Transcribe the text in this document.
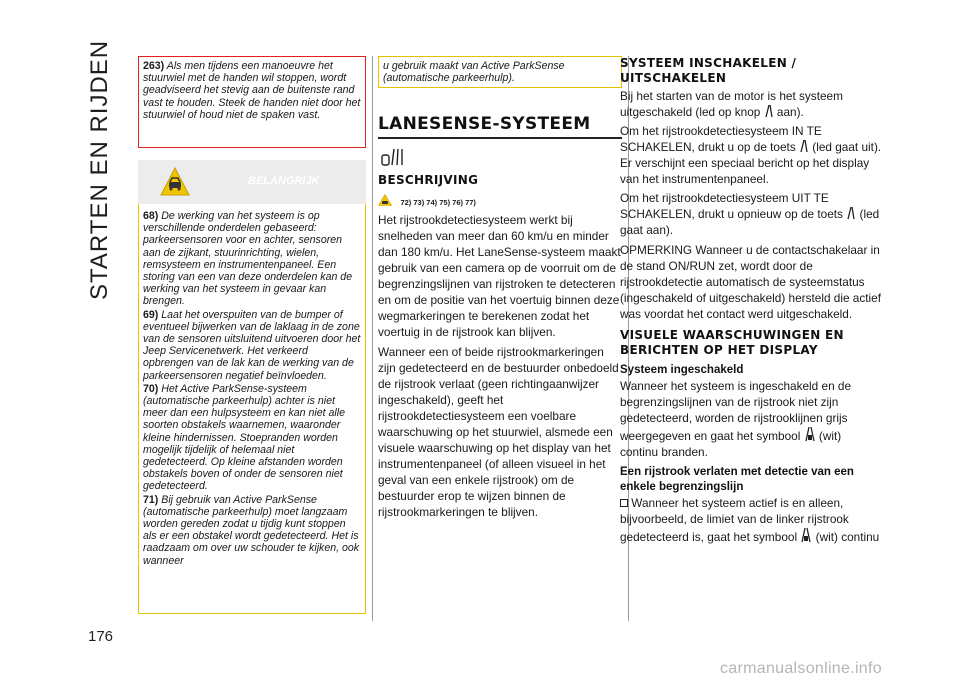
STARTEN EN RIJDEN
176
carmanualsonline.info

263) Als men tijdens een manoeuvre het stuurwiel met de handen wil stoppen, wordt geadviseerd het stevig aan de buitenste rand vast te houden. Steek de handen niet door het stuurwiel of houd niet de spaken vast.

BELANGRIJK

68) De werking van het systeem is op verschillende onderdelen gebaseerd: parkeersensoren voor en achter, sensoren aan de zijkant, stuurinrichting, wielen, remsysteem en instrumentenpaneel. Een storing van een van deze onderdelen kan de werking van het systeem in gevaar kan brengen.

69) Laat het overspuiten van de bumper of eventueel bijwerken van de laklaag in de zone van de sensoren uitsluitend uitvoeren door het Jeep Servicenetwerk. Het verkeerd opbrengen van de lak kan de werking van de parkeersensoren negatief beïnvloeden.

70) Het Active ParkSense-systeem (automatische parkeerhulp) achter is niet meer dan een hulpsysteem en kan niet alle soorten obstakels waarnemen, waaronder kleine hindernissen. Stoepranden worden mogelijk tijdelijk of helemaal niet gedetecteerd. Op kleine afstanden worden obstakels boven of onder de sensoren niet gedetecteerd.

71) Bij gebruik van Active ParkSense (automatische parkeerhulp) moet langzaam worden gereden zodat u tijdig kunt stoppen als er een obstakel wordt gedetecteerd. Het is raadzaam om over uw schouder te kijken, ook wanneer

u gebruik maakt van Active ParkSense (automatische parkeerhulp).

LANESENSE-SYSTEEM
BESCHRIJVING
72) 73) 74) 75) 76) 77)

Het rijstrookdetectiesysteem werkt bij snelheden van meer dan 60 km/u en minder dan 180 km/u. Het LaneSense-systeem maakt gebruik van een camera op de voorruit om de begrenzingslijnen van rijstroken te detecteren en om de positie van het voertuig binnen deze wegmarkeringen te berekenen zodat het voertuig in de rijstrook kan blijven.

Wanneer een of beide rijstrookmarkeringen zijn gedetecteerd en de bestuurder onbedoeld de rijstrook verlaat (geen richtingaanwijzer ingeschakeld), geeft het rijstrookdetectiesysteem een voelbare waarschuwing op het stuurwiel, alsmede een visuele waarschuwing op het display van het instrumentenpaneel (of alleen visueel in het geval van een enkele rijstrook) om de bestuurder erop te wijzen binnen de rijstrookmarkeringen te blijven.

SYSTEEM INSCHAKELEN / UITSCHAKELEN

Bij het starten van de motor is het systeem uitgeschakeld (led op knop aan).

Om het rijstrookdetectiesysteem IN TE SCHAKELEN, drukt u op de toets (led gaat uit). Er verschijnt een speciaal bericht op het display van het instrumentenpaneel.

Om het rijstrookdetectiesysteem UIT TE SCHAKELEN, drukt u opnieuw op de toets (led gaat aan).

OPMERKING Wanneer u de contactschakelaar in de stand ON/RUN zet, wordt door de rijstrookdetectie automatisch de systeemstatus (ingeschakeld of uitgeschakeld) hersteld die actief was voordat het contact werd uitgeschakeld.

VISUELE WAARSCHUWINGEN EN BERICHTEN OP HET DISPLAY
Systeem ingeschakeld

Wanneer het systeem is ingeschakeld en de begrenzingslijnen van de rijstrook niet zijn gedetecteerd, worden de rijstrooklijnen grijs weergegeven en gaat het symbool (wit) continu branden.

Een rijstrook verlaten met detectie van een enkele begrenzingslijn

Wanneer het systeem actief is en alleen, bijvoorbeeld, de limiet van de linker rijstrook gedetecteerd is, gaat het symbool (wit) continu
